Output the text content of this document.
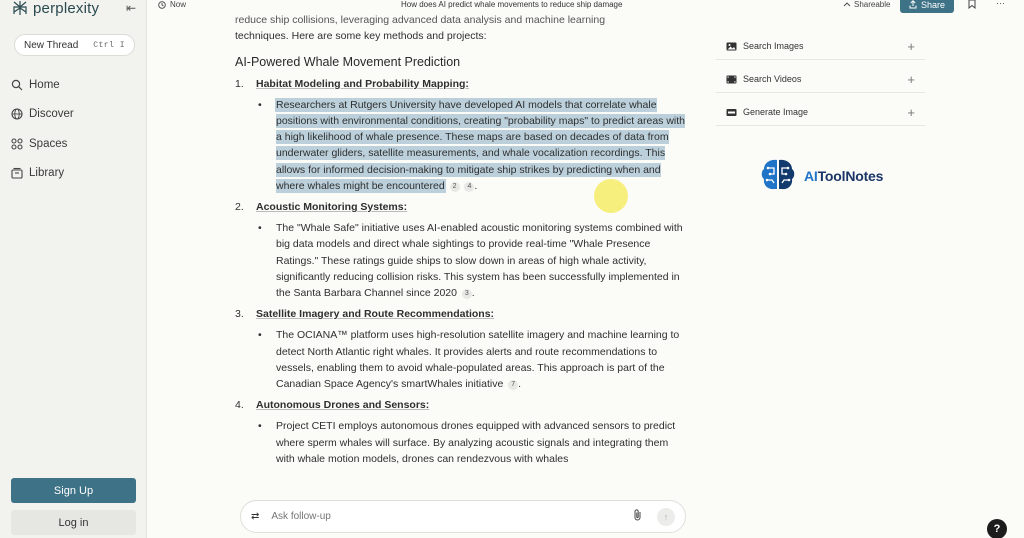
perplexity ⇤
New Thread Ctrl I
Home
Discover
Spaces
Library
Sign Up
Log in
Now	How does AI predict whale movements to reduce ship damage	Shareable	Share	···
reduce ship collisions, leveraging advanced data analysis and machine learning
techniques. Here are some key methods and projects:
AI-Powered Whale Movement Prediction
1.	Habitat Modeling and Probability Mapping:
•	Researchers at Rutgers University have developed AI models that correlate whale positions with environmental conditions, creating "probability maps" to predict areas with a high likelihood of whale presence. These maps are based on decades of data from underwater gliders, satellite measurements, and whale vocalization recordings. This allows for informed decision-making to mitigate ship strikes by predicting when and where whales might be encountered 2 4 .
2.	Acoustic Monitoring Systems:
•	The "Whale Safe" initiative uses AI-enabled acoustic monitoring systems combined with big data models and direct whale sightings to provide real-time "Whale Presence Ratings." These ratings guide ships to slow down in areas of high whale activity, significantly reducing collision risks. This system has been successfully implemented in the Santa Barbara Channel since 2020 3 .
3.	Satellite Imagery and Route Recommendations:
•	The OCIANA™ platform uses high-resolution satellite imagery and machine learning to detect North Atlantic right whales. It provides alerts and route recommendations to vessels, enabling them to avoid whale-populated areas. This approach is part of the Canadian Space Agency's smartWhales initiative 7 .
4.	Autonomous Drones and Sensors:
•	Project CETI employs autonomous drones equipped with advanced sensors to predict where sperm whales will surface. By analyzing acoustic signals and integrating them with whale motion models, drones can rendezvous with whales
Search Images	+
Search Videos	+
Generate Image	+
AIToolNotes
⇄
Ask follow-up	↑
?
